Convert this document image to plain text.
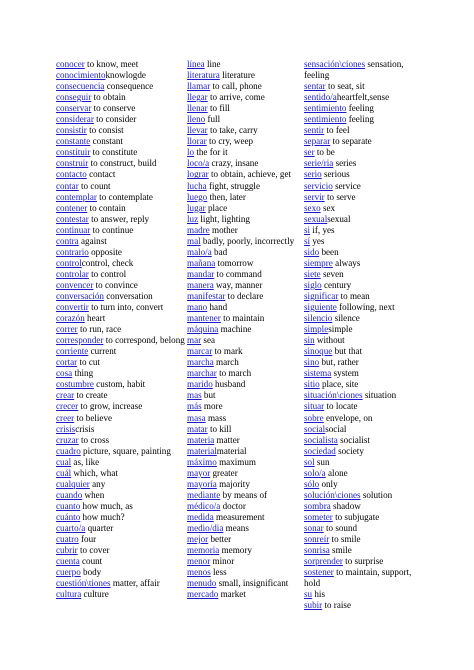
conocer to know, meet
conocimientoknowlogde
consecuencia consequence
conseguir to obtain
conservar to conserve
considerar to consider
consistir to consist
constante constant
constituir to constitute
construir to construct, build
contacto contact
contar to count
contemplar to contemplate
contener to contain
contestar to answer, reply
continuar to continue
contra against
contrario opposite
controlcontrol, check
controlar to control
convencer to convince
conversación conversation
convertir to turn into, convert
corazón heart
correr to run, race
corresponder to correspond, belong
corriente current
cortar to cut
cosa thing
costumbre custom, habit
crear to create
crecer to grow, increase
creer to believe
crisiscrisis
cruzar to cross
cuadro picture, square, painting
cual as, like
cuál which, what
cualquier any
cuando when
cuanto how much, as
cuánto how much?
cuarto/a quarter
cuatro four
cubrir to cover
cuenta count
cuerpo body
cuestión\tiones matter, affair
cultura culture
línea line
literatura literature
llamar to call, phone
llegar to arrive, come
llenar to fill
lleno full
llevar to take, carry
llorar to cry, weep
lo the for it
loco/a crazy, insane
lograr to obtain, achieve, get
lucha fight, struggle
luego then, later
lugar place
luz light, lighting
madre mother
mal badly, poorly, incorrectly
malo/a bad
mañana tomorrow
mandar to command
manera way, manner
manifestar to declare
mano hand
mantener to maintain
máquina machine
mar sea
marcar to mark
marcha march
marchar to march
marido husband
mas but
más more
masa mass
matar to kill
materia matter
materialmaterial
máximo maximum
mayor greater
mayoría majority
mediante by means of
médico/a doctor
medida measurement
medio/dia means
mejor better
memoria memory
menor minor
menos less
menudo small, insignificant
mercado market
sensación\ciones sensation, feeling
sentar to seat, sit
sentido/aheartfelt,sense
sentimiento feeling
sentimiento feeling
sentir to feel
separar to separate
ser to be
serie/ria series
serio serious
servicio service
servir to serve
sexo sex
sexualsexual
si if, yes
sí yes
sido been
siempre always
siete seven
siglo century
significar to mean
siguiente following, next
silencio silence
simplesimple
sin without
sinoque but that
sino but, rather
sistema system
sitio place, site
situación\ciones situation
situar to locate
sobre envelope, on
socialsocial
socialista socialist
sociedad society
sol sun
solo/a alone
sólo only
solución\ciones solution
sombra shadow
someter to subjugate
sonar to sound
sonreír to smile
sonrisa smile
sorprender to surprise
sostener to maintain, support, hold
su his
subir to raise
